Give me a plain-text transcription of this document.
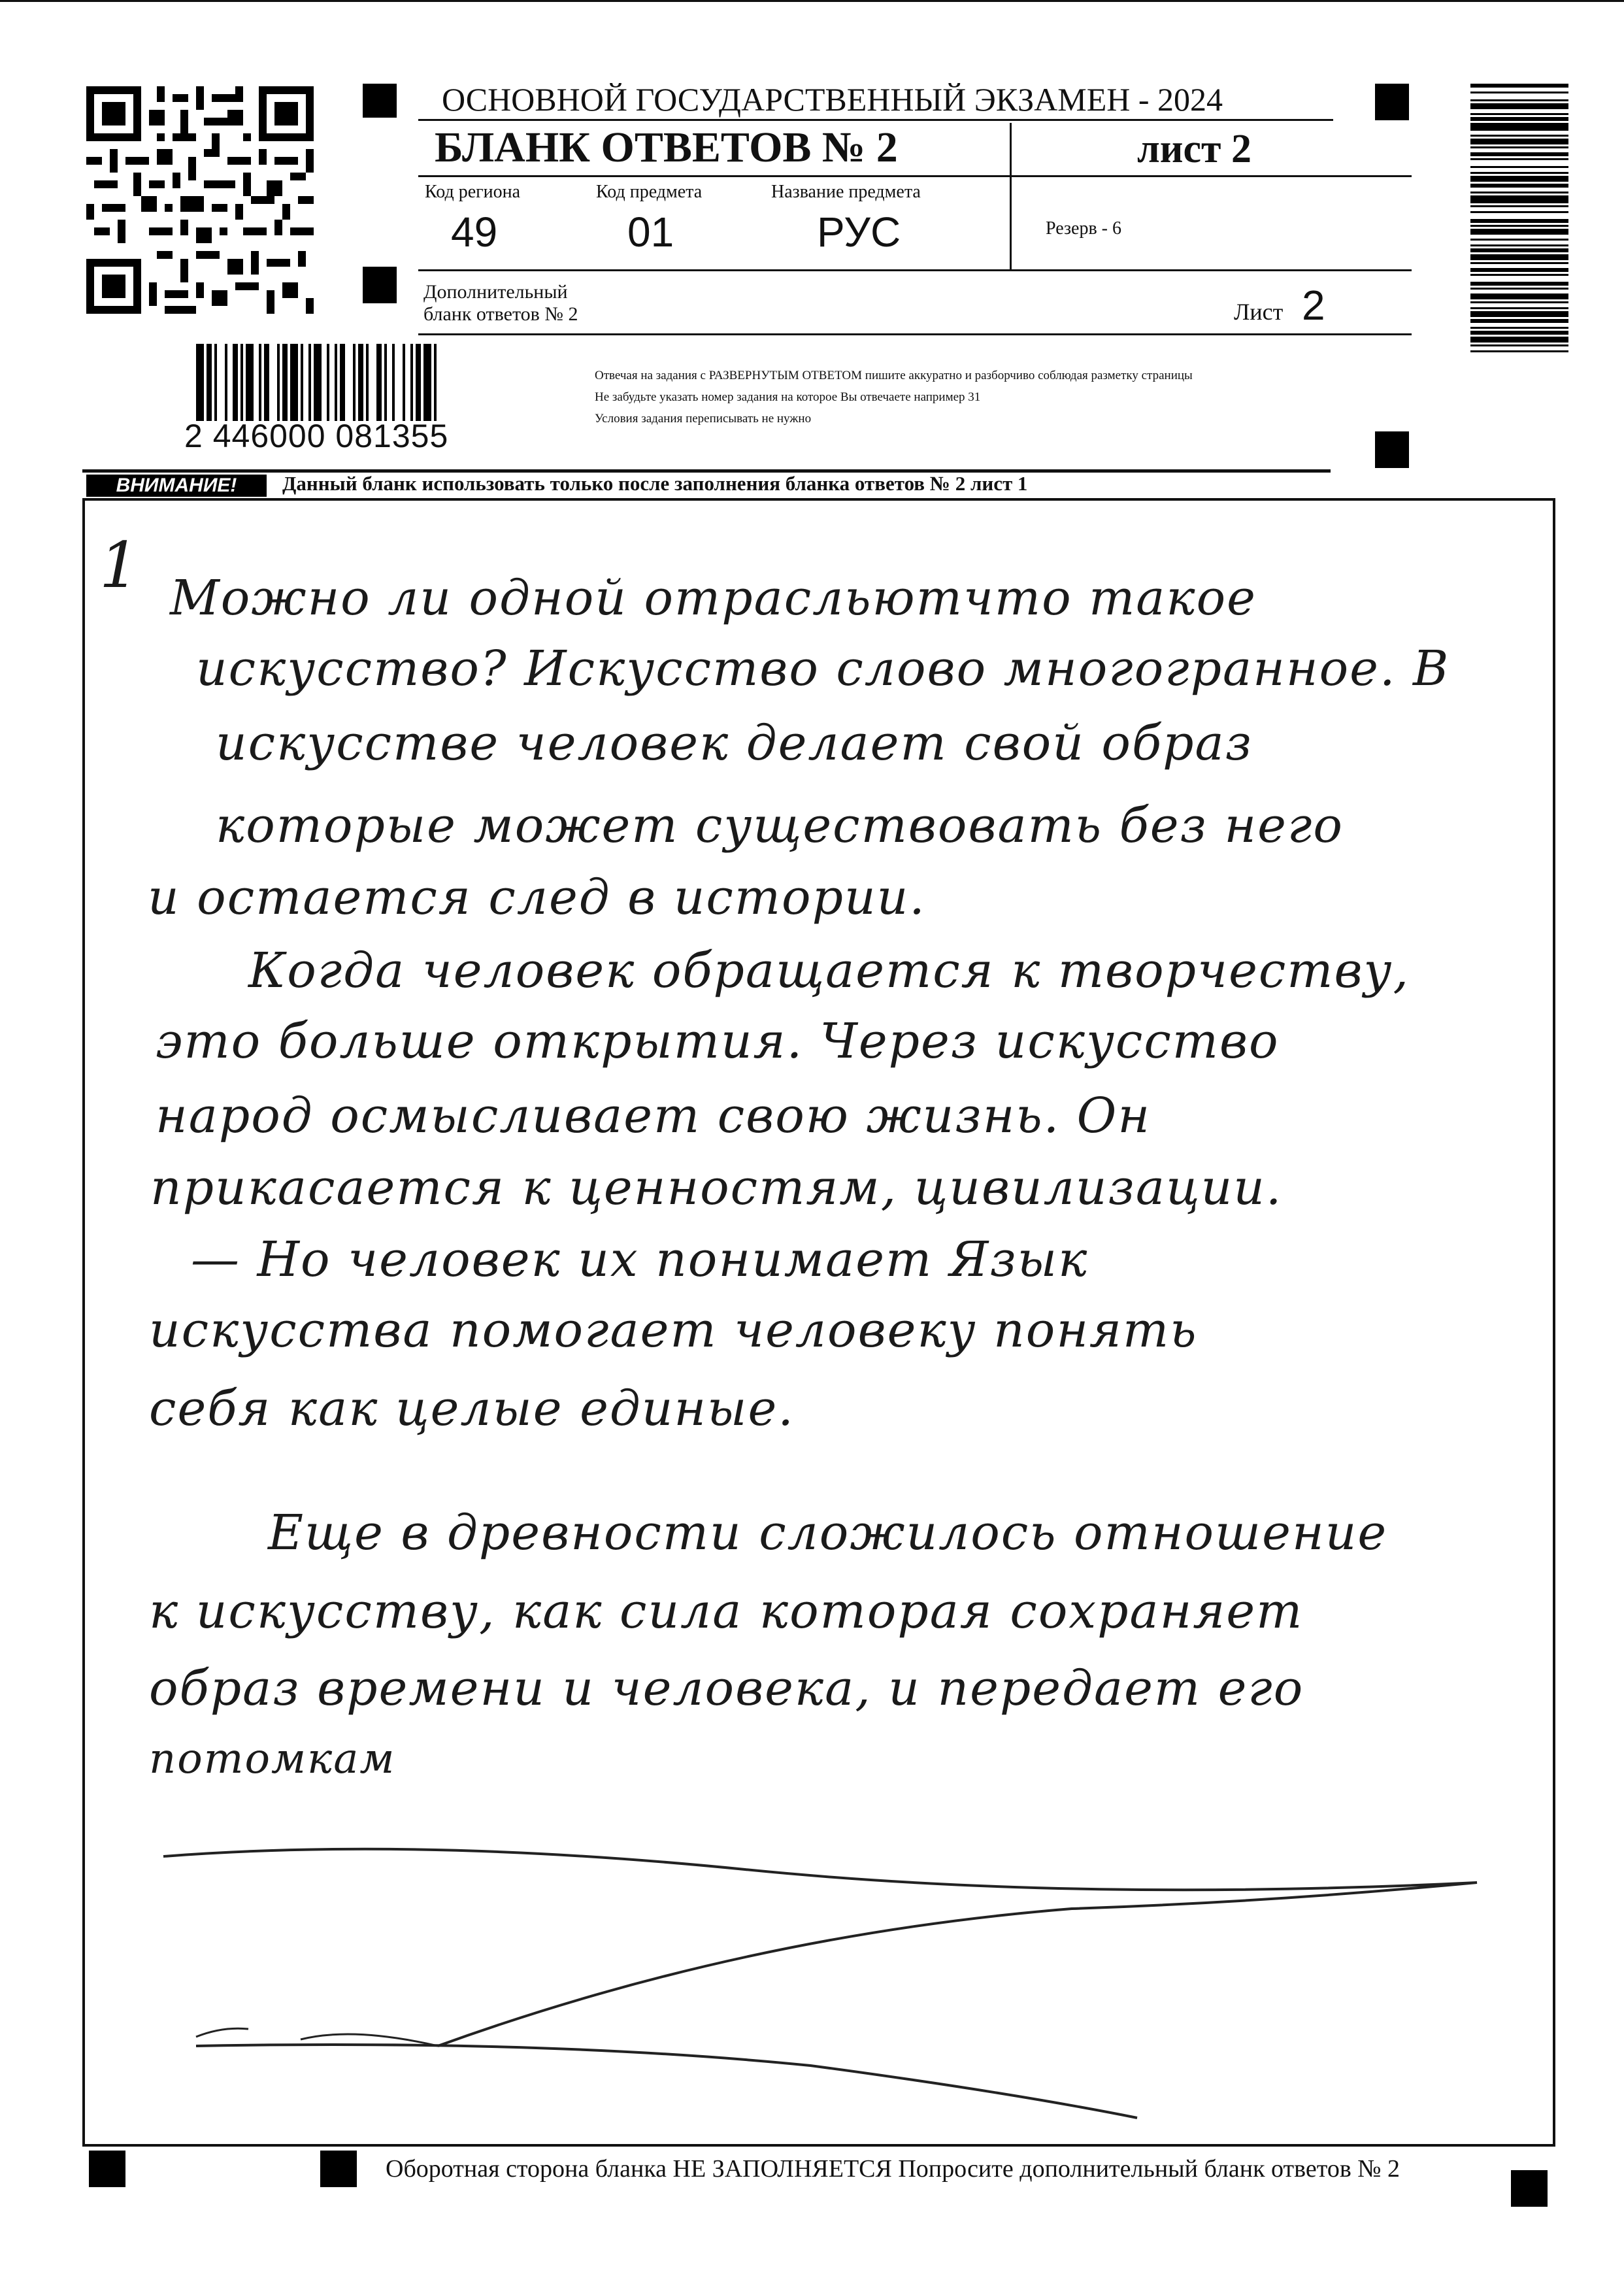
ОСНОВНОЙ ГОСУДАРСТВЕННЫЙ ЭКЗАМЕН - 2024
БЛАНК ОТВЕТОВ № 2	лист 2
Код региона
49
Код предмета
01
Название предмета
РУС	Резерв - 6
Дополнительный
бланк ответов № 2	Лист 2
2 446000 081355
Отвечая на задания с РАЗВЕРНУТЫМ ОТВЕТОМ пишите аккуратно и разборчиво соблюдая разметку страницы
Не забудьте указать номер задания на которое Вы отвечаете например 31
Условия задания переписывать не нужно
ВНИМАНИЕ!	Данный бланк использовать только после заполнения бланка ответов № 2 лист 1
1 Можно ли одной отрасльютчто такое
искусство? Искусство слово многогранное. В
искусстве человек делает свой образ
которые может существовать без него
и остается след в истории.
Когда человек обращается к творчеству,
это больше открытия. Через искусство
народ осмысливает свою жизнь. Он
прикасается к ценностям, цивилизации.
— Но человек их понимает Язык
искусства помогает человеку понять
себя как целые единые.
Еще в древности сложилось отношение
к искусству, как сила которая сохраняет
образ времени и человека, и передает его
потомкам
Оборотная сторона бланка НЕ ЗАПОЛНЯЕТСЯ Попросите дополнительный бланк ответов № 2
